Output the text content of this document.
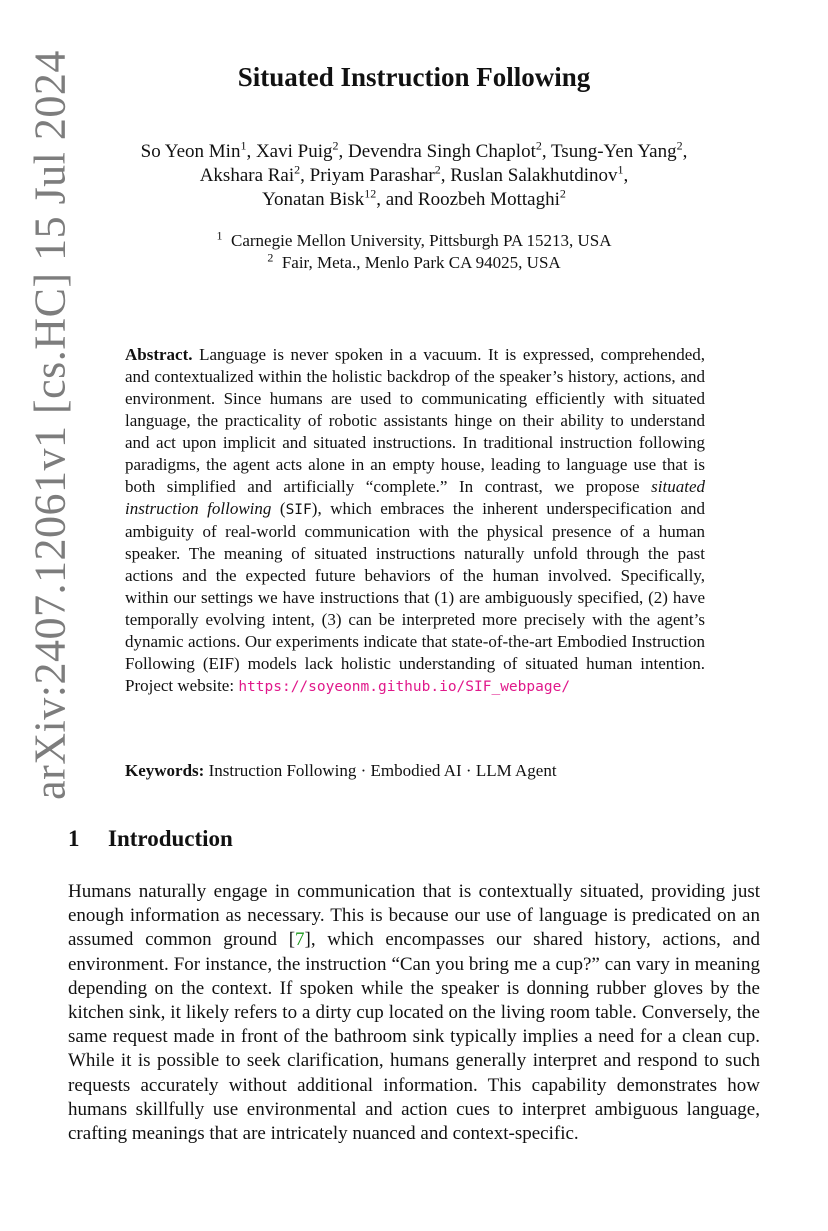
arXiv:2407.12061v1 [cs.HC] 15 Jul 2024	Situated Instruction Following
So Yeon Min$^1$, Xavi Puig$^2$, Devendra Singh Chaplot$^2$, Tsung-Yen Yang$^2$,
Akshara Rai$^2$, Priyam Parashar$^2$, Ruslan Salakhutdinov$^1$,
Yonatan Bisk$^{12}$, and Roozbeh Mottaghi$^2$
$^1$ Carnegie Mellon University, Pittsburgh PA 15213, USA
$^2$ Fair, Meta., Menlo Park CA 94025, USA
Abstract. Language is never spoken in a vacuum. It is expressed, comprehended, and contextualized within the holistic backdrop of the speaker’s history, actions, and environment. Since humans are used to communicating efficiently with situated language, the practicality of robotic assistants hinge on their ability to understand and act upon implicit and situated instructions. In traditional instruction following paradigms, the agent acts alone in an empty house, leading to language use that is both simplified and artificially “complete.” In contrast, we propose situated instruction following (SIF), which embraces the inherent underspecification and ambiguity of real-world communication with the physical presence of a human speaker. The meaning of situated instructions naturally unfold through the past actions and the expected future behaviors of the human involved. Specifically, within our settings we have instructions that (1) are ambiguously specified, (2) have temporally evolving intent, (3) can be interpreted more precisely with the agent’s dynamic actions. Our experiments indicate that state-of-the-art Embodied Instruction Following (EIF) models lack holistic understanding of situated human intention. Project website: https://soyeonm.github.io/SIF_webpage/
Keywords: Instruction Following · Embodied AI · LLM Agent
1 Introduction
Humans naturally engage in communication that is contextually situated, providing just enough information as necessary. This is because our use of language is predicated on an assumed common ground [7], which encompasses our shared history, actions, and environment. For instance, the instruction “Can you bring me a cup?” can vary in meaning depending on the context. If spoken while the speaker is donning rubber gloves by the kitchen sink, it likely refers to a dirty cup located on the living room table. Conversely, the same request made in front of the bathroom sink typically implies a need for a clean cup. While it is possible to seek clarification, humans generally interpret and respond to such requests accurately without additional information. This capability demonstrates how humans skillfully use environmental and action cues to interpret ambiguous language, crafting meanings that are intricately nuanced and context-specific.
